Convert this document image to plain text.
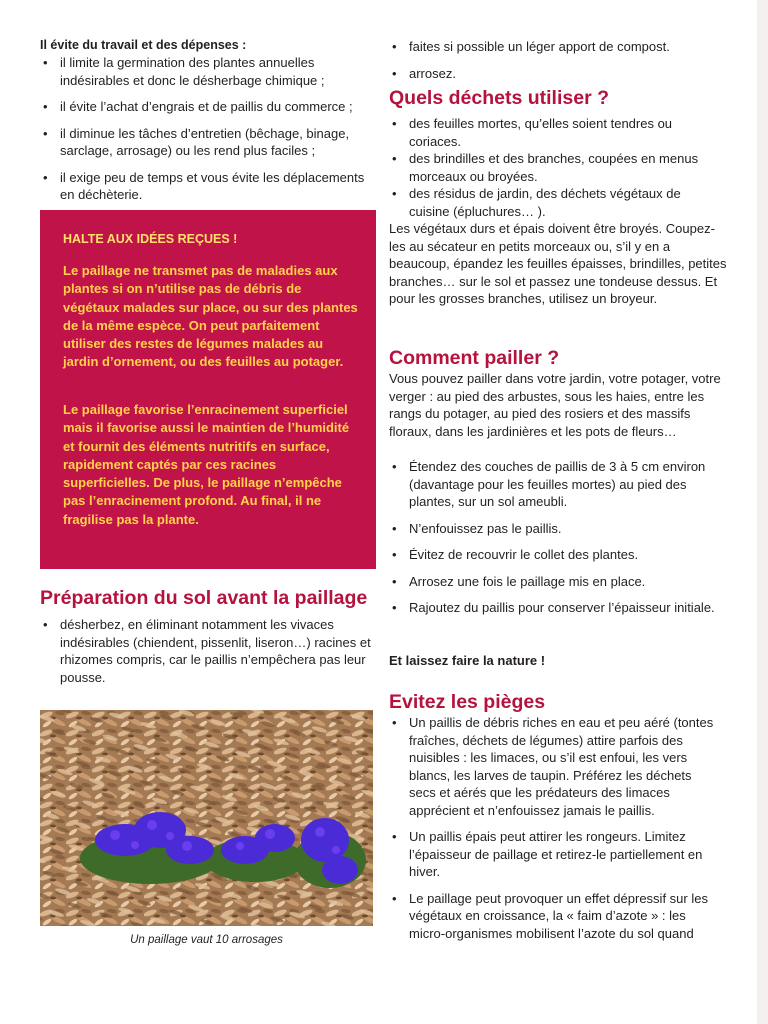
Il évite du travail et des dépenses :
• il limite la germination des plantes annuelles indésirables et donc le désherbage chimique ;
• il évite l’achat d’engrais et de paillis du commerce ;
• il diminue les tâches d’entretien (bêchage, binage, sarclage, arrosage) ou les rend plus faciles ;
• il exige peu de temps et vous évite les déplacements en déchèterie.
HALTE AUX IDÉES REÇUES !

Le paillage ne transmet pas de maladies aux plantes si on n’utilise pas de débris de végétaux malades sur place, ou sur des plantes de la même espèce. On peut parfaitement utiliser des restes de légumes malades au jardin d’ornement, ou des feuilles au potager.

Le paillage favorise l’enracinement superficiel mais il favorise aussi le maintien de l’humidité et fournit des éléments nutritifs en surface, rapidement captés par ces racines superficielles. De plus, le paillage n’empêche pas l’enracinement profond. Au final, il ne fragilise pas la plante.

Préparation du sol avant la paillage
• désherbez, en éliminant notamment les vivaces indésirables (chiendent, pissenlit, liseron…) racines et rhizomes compris, car le paillis n’empêchera pas leur pousse.
Un paillage vaut 10 arrosages
• faites si possible un léger apport de compost.
• arrosez.
Quels déchets utiliser ?
• des feuilles mortes, qu’elles soient tendres ou coriaces.
• des brindilles et des branches, coupées en menus morceaux ou broyées.
• des résidus de jardin, des déchets végétaux de cuisine (épluchures… ).

Les végétaux durs et épais doivent être broyés. Coupez-les au sécateur en petits morceaux ou, s’il y en a beaucoup, épandez les feuilles épaisses, brindilles, petites branches… sur le sol et passez une tondeuse dessus. Et pour les grosses branches, utilisez un broyeur.

Comment pailler ?

Vous pouvez pailler dans votre jardin, votre potager, votre verger : au pied des arbustes, sous les haies, entre les rangs du potager, au pied des rosiers et des massifs floraux, dans les jardinières et les pots de fleurs…

• Étendez des couches de paillis de 3 à 5 cm environ (davantage pour les feuilles mortes) au pied des plantes, sur un sol ameubli.
• N’enfouissez pas le paillis.
• Évitez de recouvrir le collet des plantes.
• Arrosez une fois le paillage mis en place.
• Rajoutez du paillis pour conserver l’épaisseur initiale.
Et laissez faire la nature !
Evitez les pièges
• Un paillis de débris riches en eau et peu aéré (tontes fraîches, déchets de légumes) attire parfois des nuisibles : les limaces, ou s’il est enfoui, les vers blancs, les larves de taupin. Préférez les déchets secs et aérés que les prédateurs des limaces apprécient et n’enfouissez jamais le paillis.
• Un paillis épais peut attirer les rongeurs. Limitez l’épaisseur de paillage et retirez-le partiellement en hiver.
• Le paillage peut provoquer un effet dépressif sur les végétaux en croissance, la « faim d’azote » : les micro-organismes mobilisent l’azote du sol quand
